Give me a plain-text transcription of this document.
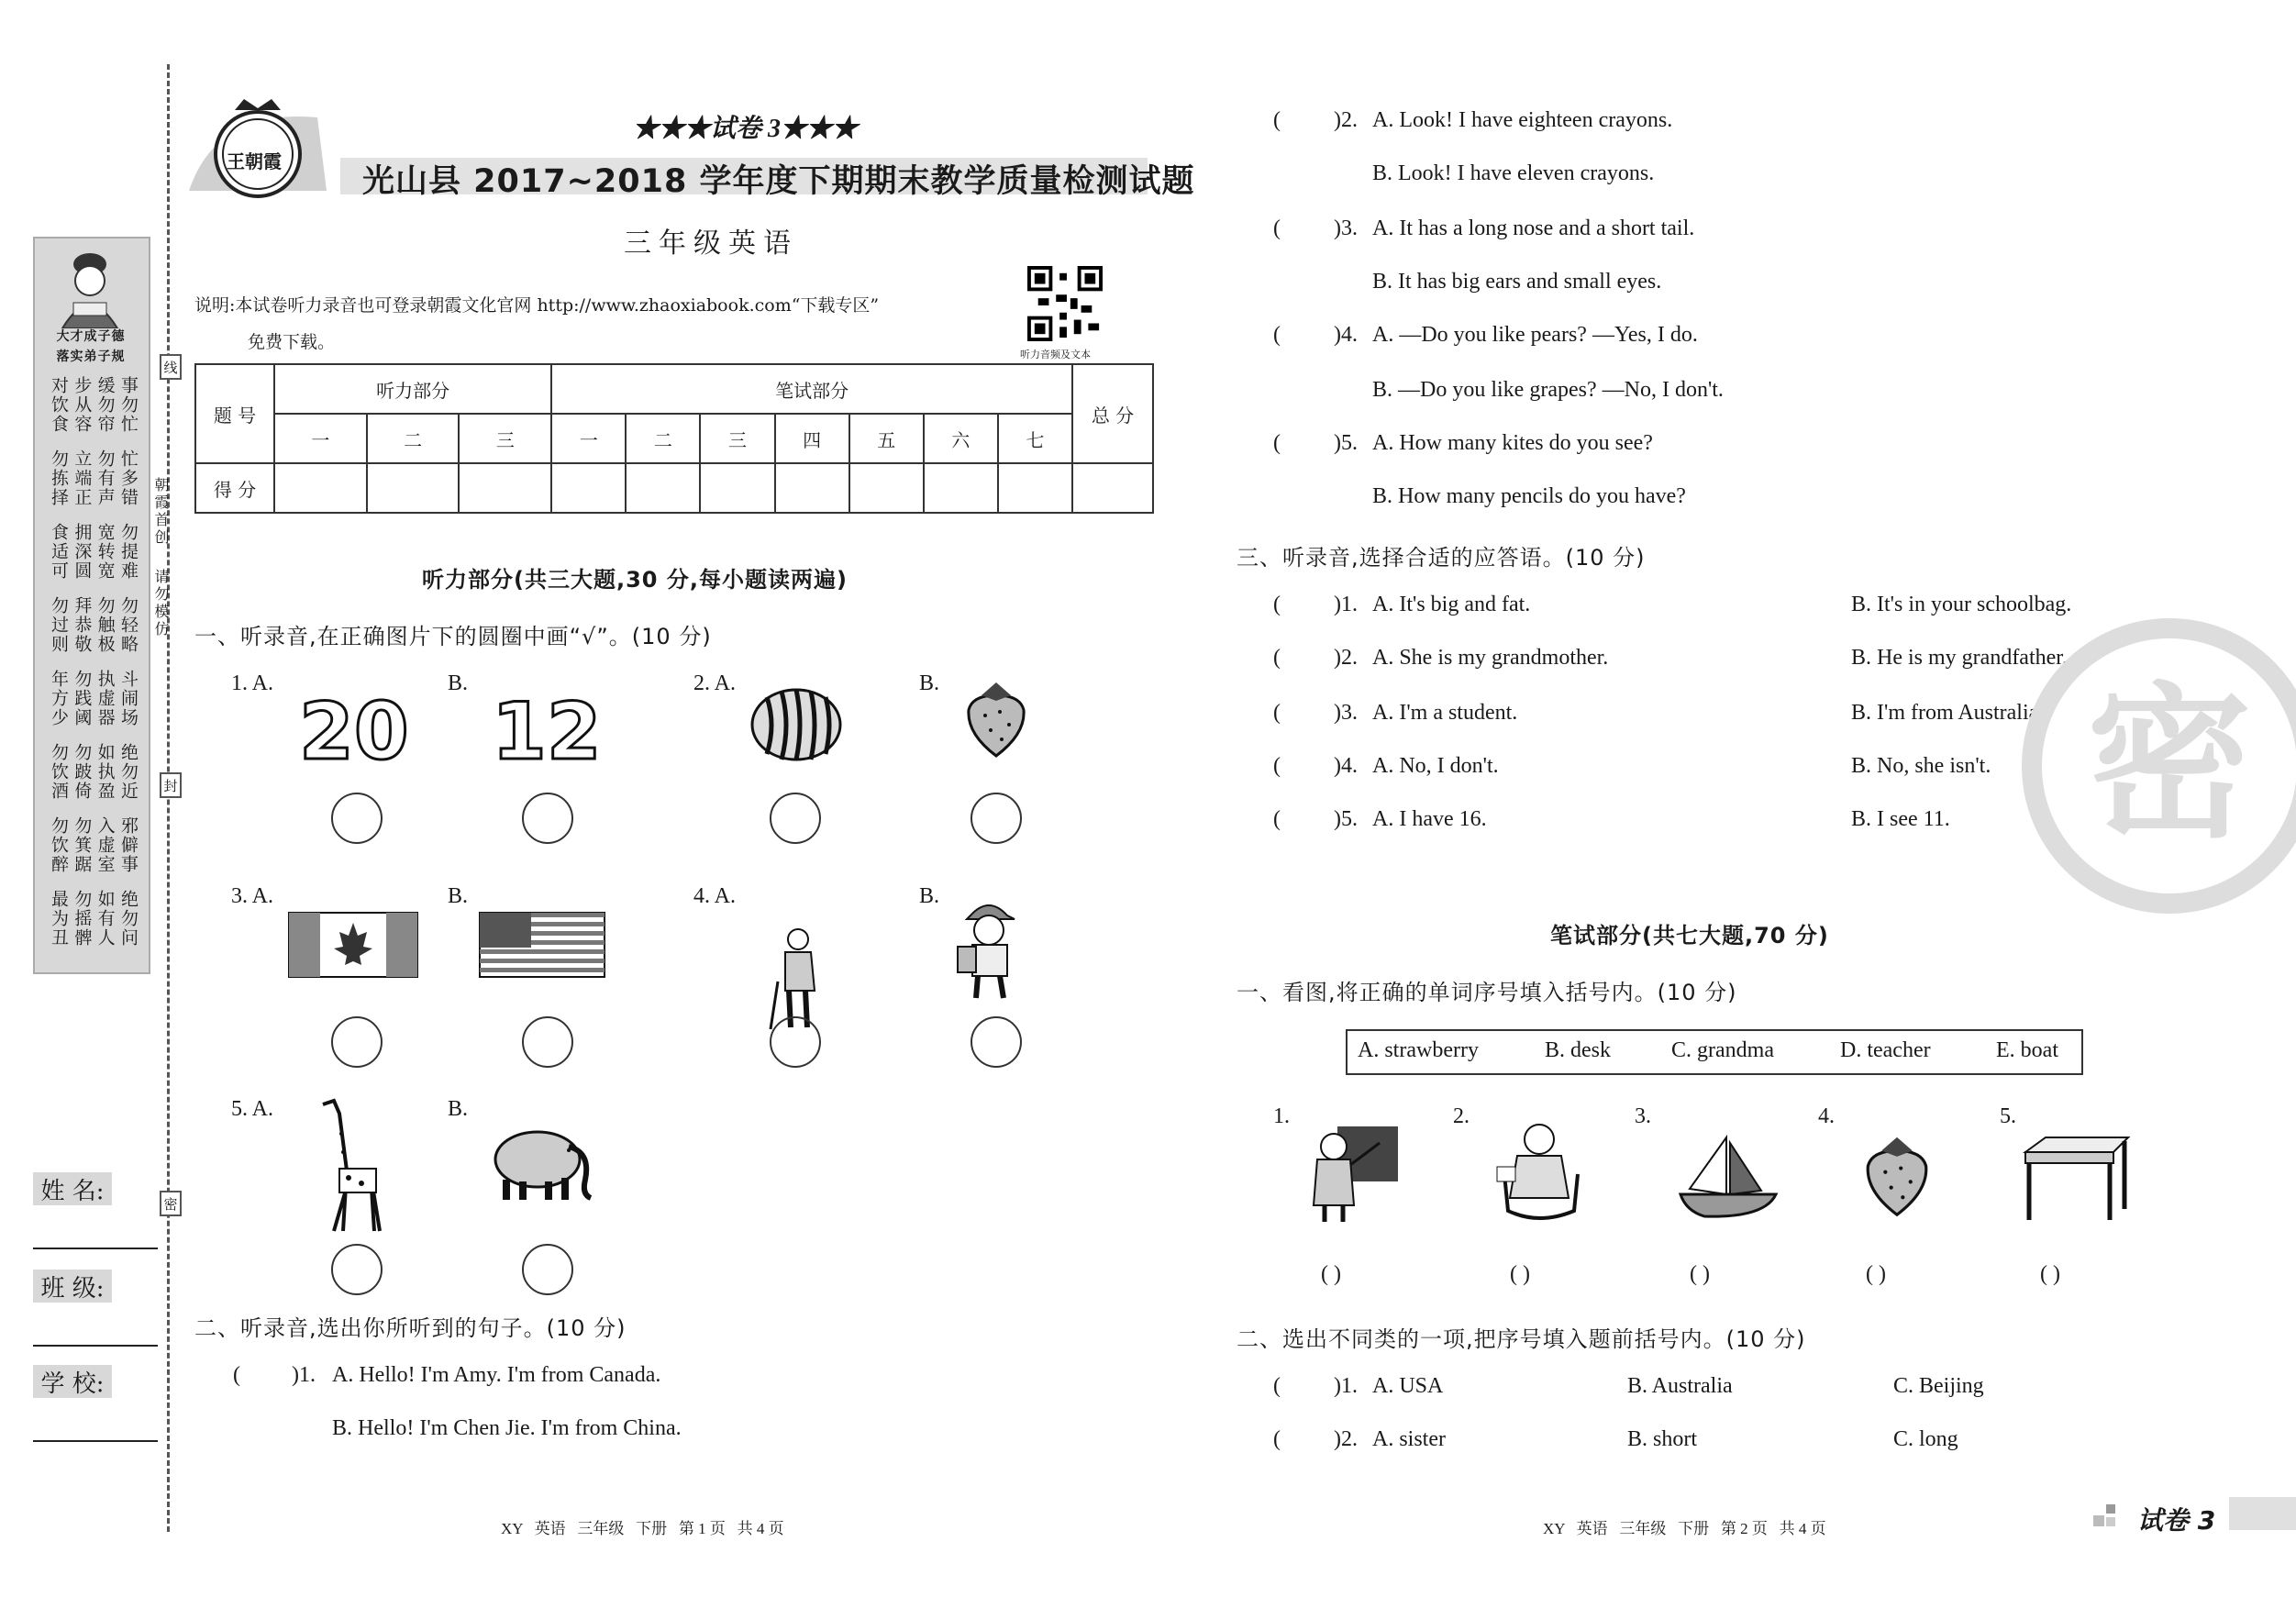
大才成子德
落实弟子规
事勿忙
缓勿帘
步从容
对饮食
忙多错
勿有声
立端正
勿拣择
勿提难
宽转宽
拥深圆
食适可
勿轻略
勿触极
拜恭敬
勿过则
斗闹场
执虚器
勿践阈
年方少
绝勿近
如执盈
勿跛倚
勿饮酒
邪僻事
入虚室
勿箕踞
勿饮醉
绝勿问
如有人
勿摇髀
最为丑
线
封
密
朝霞首创
请勿模仿
姓 名:
班 级:
学 校:
王朝霞
★★★试卷 3★★★
光山县 2017~2018 学年度下期期末教学质量检测试题
三年级英语
说明:本试卷听力录音也可登录朝霞文化官网 http://www.zhaoxiabook.com“下载专区”
免费下载。
听力音频及文本
题 号	听力部分			笔试部分							总 分
	一	二	三	一	二	三	四	五	六	七	
得 分											
听力部分(共三大题,30 分,每小题读两遍)
一、听录音,在正确图片下的圆圈中画“√”。(10 分)
1. A.	B.
20 12
2. A.	B.
3. A.	B.	4. A.	B.
5. A.	B.
二、听录音,选出你所听到的句子。(10 分)
( )1. A. Hello! I'm Amy. I'm from Canada.
B. Hello! I'm Chen Jie. I'm from China.
( )2. A. Look! I have eighteen crayons.
B. Look! I have eleven crayons.
( )3. A. It has a long nose and a short tail.
B. It has big ears and small eyes.
( )4. A. —Do you like pears? —Yes, I do.
B. —Do you like grapes? —No, I don't.
( )5. A. How many kites do you see?
B. How many pencils do you have?
三、听录音,选择合适的应答语。(10 分)
( )1. A. It's big and fat.	B. It's in your schoolbag.
( )2. A. She is my grandmother.	B. He is my grandfather.
( )3. A. I'm a student.	B. I'm from Australia.
( )4. A. No, I don't.	B. No, she isn't.
( )5. A. I have 16.	B. I see 11. 密
笔试部分(共七大题,70 分)
一、看图,将正确的单词序号填入括号内。(10 分)
A. strawberry	B. desk	C. grandma	D. teacher	E. boat
1.	2.	3.	4.	5.
( )	( )	( )	( )	( )
二、选出不同类的一项,把序号填入题前括号内。(10 分)
( )1. A. USA	B. Australia	C. Beijing
( )2. A. sister	B. short	C. long
XY   英语   三年级   下册   第 1 页   共 4 页	XY   英语   三年级   下册   第 2 页   共 4 页	试卷 3
